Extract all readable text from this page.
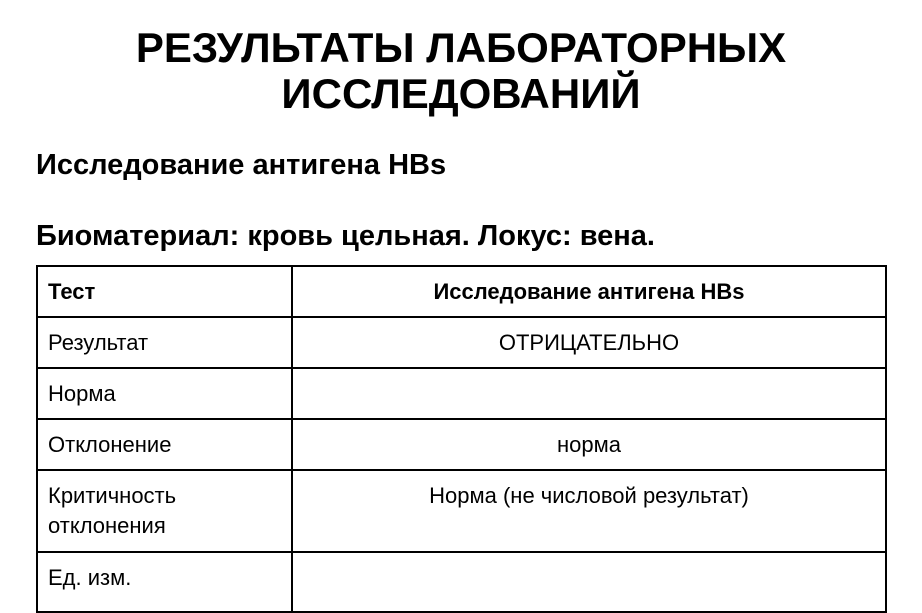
РЕЗУЛЬТАТЫ ЛАБОРАТОРНЫХ
ИССЛЕДОВАНИЙ
Исследование антигена HBs
Биоматериал: кровь цельная. Локус: вена.
Тест	Исследование антигена HBs
Результат	ОТРИЦАТЕЛЬНО
Норма	
Отклонение	норма
Критичность отклонения	Норма (не числовой результат)
Ед. изм.	
